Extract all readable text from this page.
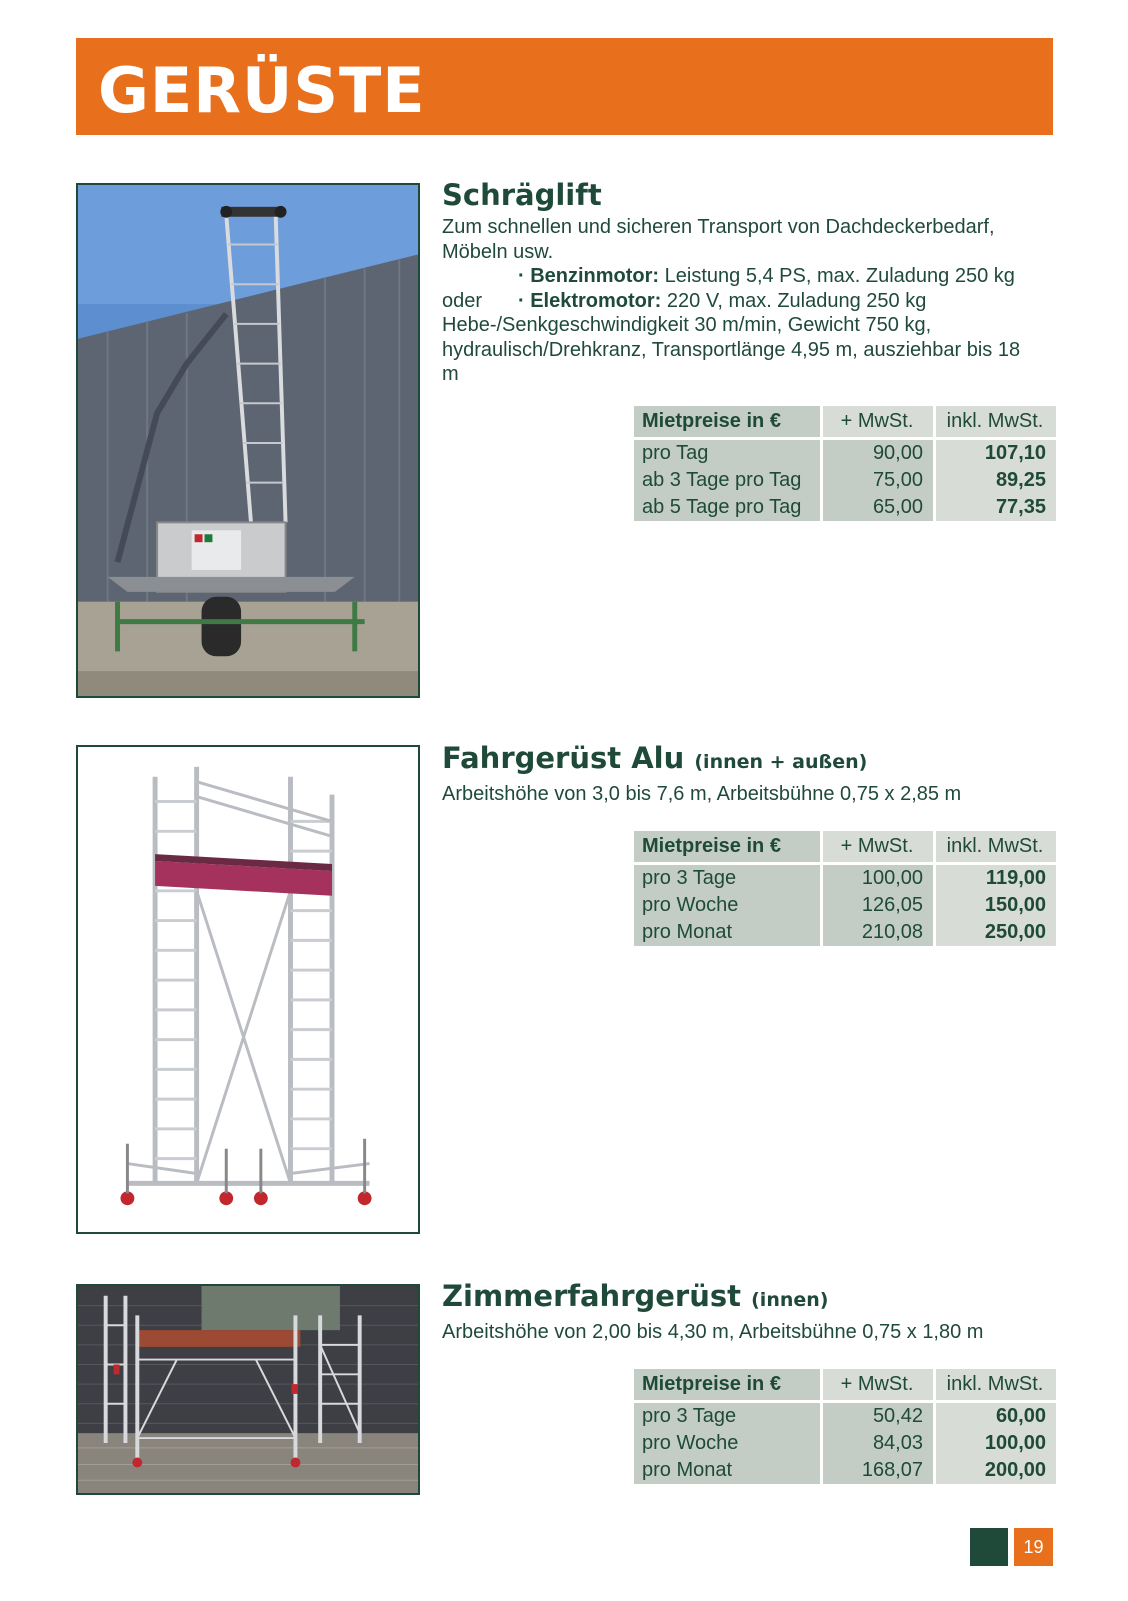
GERÜSTE
Schräglift
Zum schnellen und sicheren Transport von Dachdeckerbedarf, Möbeln usw.
· Benzinmotor: Leistung 5,4 PS, max. Zuladung 250 kg
oder	· Elektromotor: 220 V, max. Zuladung 250 kg
Hebe-/Senkgeschwindigkeit 30 m/min, Gewicht 750 kg, hydraulisch/Drehkranz, Transportlänge 4,95 m, ausziehbar bis 18 m
Mietpreise in €	+ MwSt.	inkl. MwSt.
pro Tag	90,00	107,10
ab 3 Tage pro Tag	75,00	89,25
ab 5 Tage pro Tag	65,00	77,35
Fahrgerüst Alu (innen + außen)
Arbeitshöhe von 3,0 bis 7,6 m, Arbeitsbühne 0,75 x 2,85 m
Mietpreise in €	+ MwSt.	inkl. MwSt.
pro 3 Tage	100,00	119,00
pro Woche	126,05	150,00
pro Monat	210,08	250,00
Zimmerfahrgerüst (innen)
Arbeitshöhe von 2,00 bis 4,30 m, Arbeitsbühne 0,75 x 1,80 m
Mietpreise in €	+ MwSt.	inkl. MwSt.
pro 3 Tage	50,42	60,00
pro Woche	84,03	100,00
pro Monat	168,07	200,00
19
